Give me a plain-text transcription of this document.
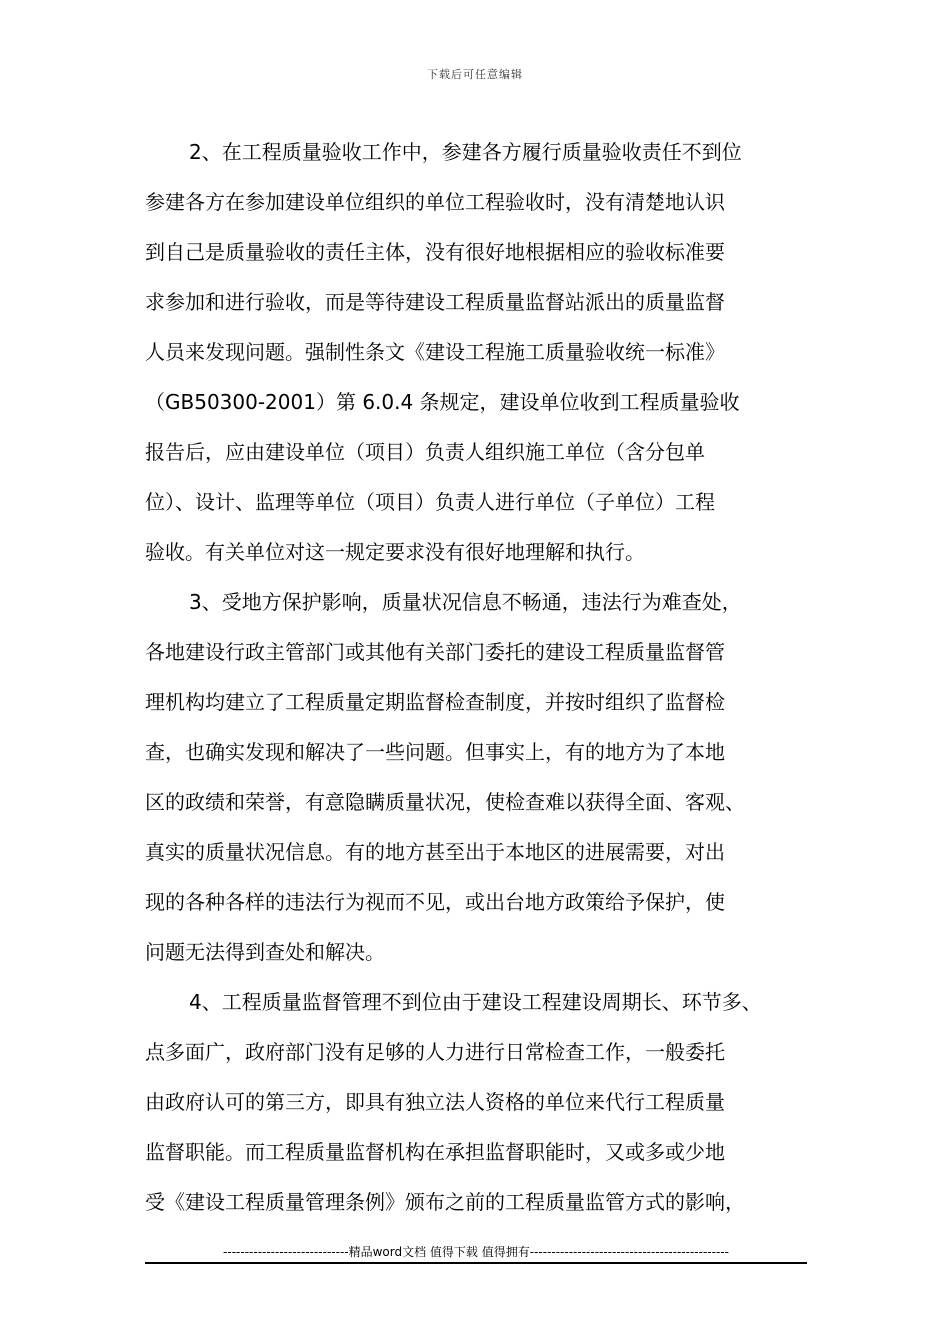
下载后可任意编辑
2、在工程质量验收工作中，参建各方履行质量验收责任不到位
参建各方在参加建设单位组织的单位工程验收时，没有清楚地认识
到自己是质量验收的责任主体，没有很好地根据相应的验收标准要
求参加和进行验收，而是等待建设工程质量监督站派出的质量监督
人员来发现问题。强制性条文《建设工程施工质量验收统一标准》
（GB50300-2001）第 6.0.4 条规定，建设单位收到工程质量验收
报告后，应由建设单位（项目）负责人组织施工单位（含分包单
位）、设计、监理等单位（项目）负责人进行单位（子单位）工程
验收。有关单位对这一规定要求没有很好地理解和执行。
3、受地方保护影响，质量状况信息不畅通，违法行为难查处，
各地建设行政主管部门或其他有关部门委托的建设工程质量监督管
理机构均建立了工程质量定期监督检查制度，并按时组织了监督检
查，也确实发现和解决了一些问题。但事实上，有的地方为了本地
区的政绩和荣誉，有意隐瞒质量状况，使检查难以获得全面、客观、
真实的质量状况信息。有的地方甚至出于本地区的进展需要，对出
现的各种各样的违法行为视而不见，或出台地方政策给予保护，使
问题无法得到查处和解决。
4、工程质量监督管理不到位由于建设工程建设周期长、环节多、
点多面广，政府部门没有足够的人力进行日常检查工作，一般委托
由政府认可的第三方，即具有独立法人资格的单位来代行工程质量
监督职能。而工程质量监督机构在承担监督职能时，又或多或少地
受《建设工程质量管理条例》颁布之前的工程质量监管方式的影响，
-----------------------------精品word文档 值得下载 值得拥有----------------------------------------------
